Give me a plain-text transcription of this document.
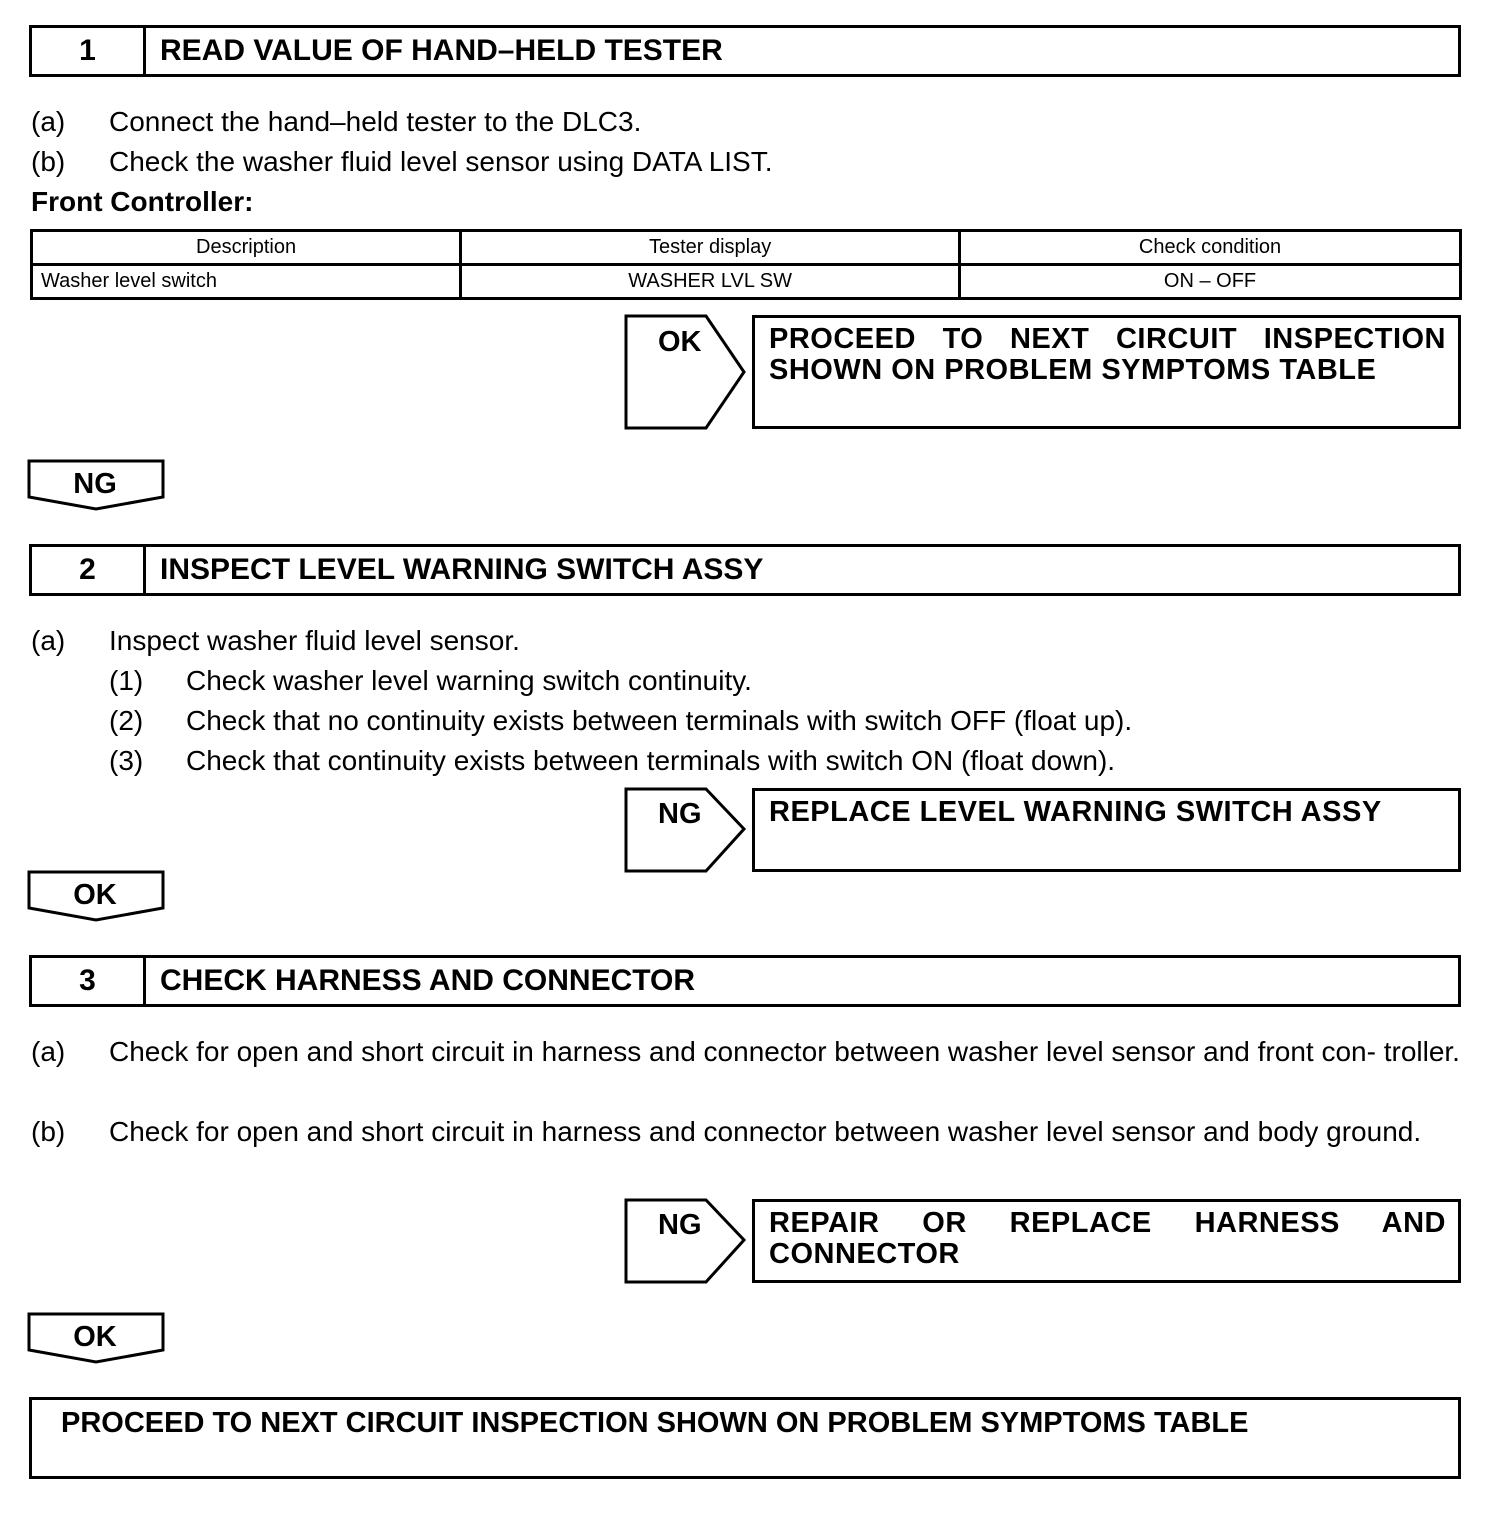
1	READ VALUE OF HAND–HELD TESTER
(a) Connect the hand–held tester to the DLC3.
(b) Check the washer fluid level sensor using DATA LIST.
Front Controller:
Description	Tester display	Check condition
Washer level switch	WASHER LVL SW	ON – OFF
OK	PROCEED TO NEXT CIRCUIT INSPECTION SHOWN ON PROBLEM SYMPTOMS TABLE
NG
2	INSPECT LEVEL WARNING SWITCH ASSY
(a) Inspect washer fluid level sensor.
(1) Check washer level warning switch continuity.
(2) Check that no continuity exists between terminals with switch OFF (float up).
(3) Check that continuity exists between terminals with switch ON (float down).
NG	REPLACE LEVEL WARNING SWITCH ASSY
OK
3	CHECK HARNESS AND CONNECTOR
(a) Check for open and short circuit in harness and connector between washer level sensor and front con- troller.
(b) Check for open and short circuit in harness and connector between washer level sensor and body ground.
NG	REPAIR OR REPLACE HARNESS AND CONNECTOR
OK
PROCEED TO NEXT CIRCUIT INSPECTION SHOWN ON PROBLEM SYMPTOMS TABLE
